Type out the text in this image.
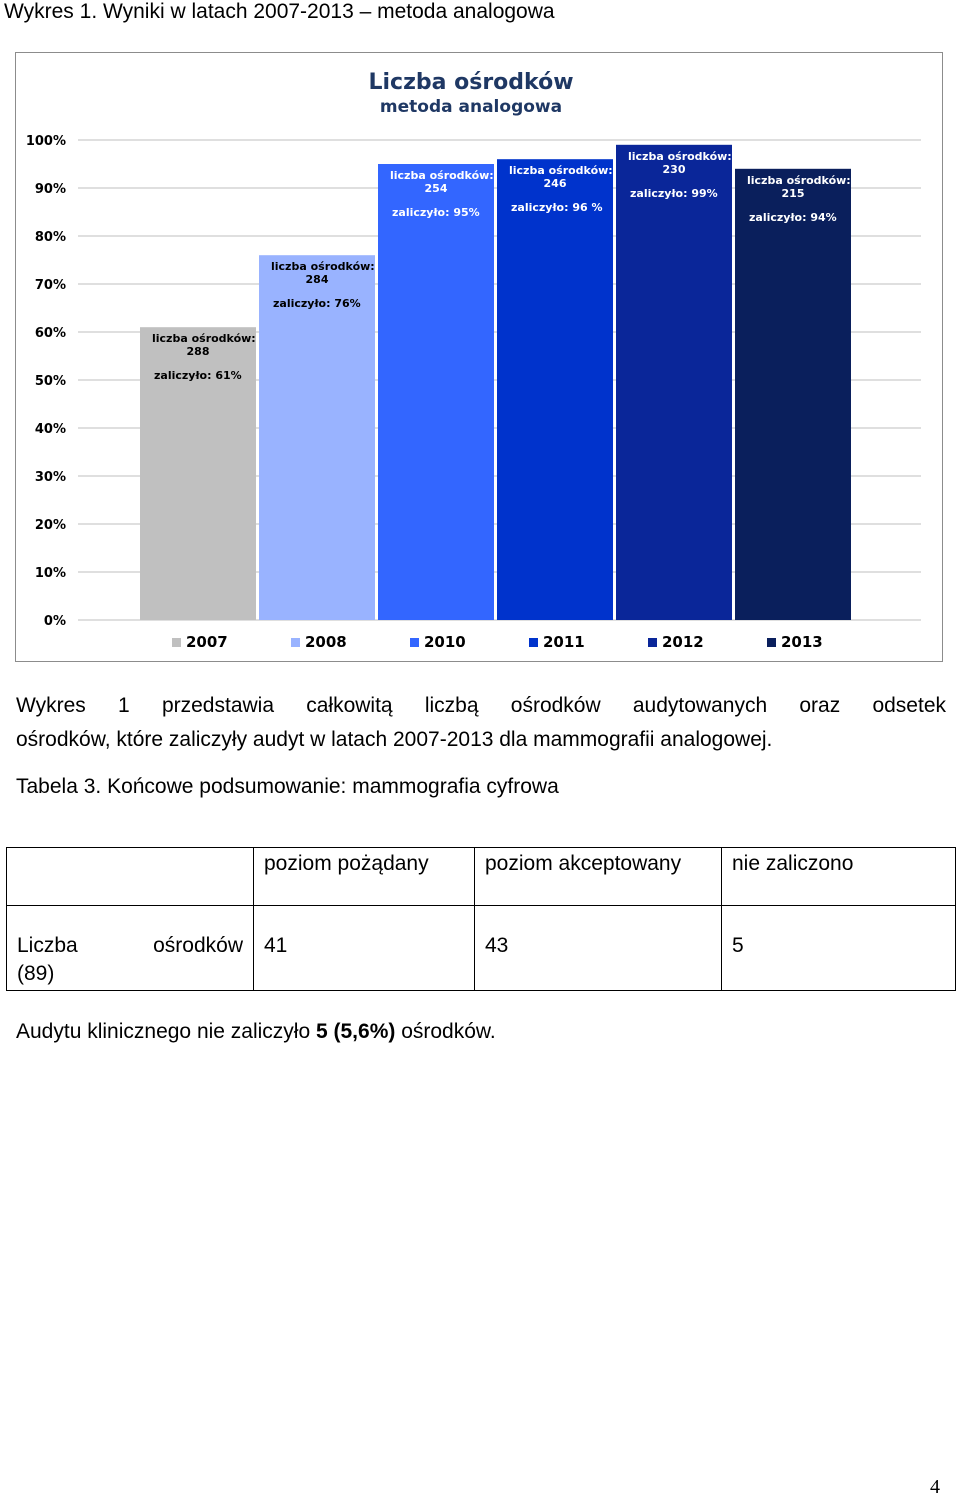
Wykres 1. Wyniki w latach 2007-2013 – metoda analogowa
Liczba ośrodków
metoda analogowa
0%
10%
20%
30%
40%
50%
60%
70%
80%
90%
100%
liczba ośrodków:
288
zaliczyło: 61%
liczba ośrodków:
284
zaliczyło: 76%
liczba ośrodków:
254
zaliczyło: 95%
liczba ośrodków:
246
zaliczyło: 96 %
liczba ośrodków:
230
zaliczyło: 99%
liczba ośrodków:
215
zaliczyło: 94%
2007	2008	2010	2011	2012	2013
Wykres 1 przedstawia całkowitą liczbą ośrodków audytowanych oraz odsetek
ośrodków, które zaliczyły audyt w latach 2007-2013 dla mammografii analogowej.
Tabela 3. Końcowe podsumowanie: mammografia cyfrowa
	poziom pożądany	poziom akceptowany	nie zaliczono

Liczba ośrodków
(89)	41	43	5
Audytu klinicznego nie zaliczyło 5 (5,6%) ośrodków.
4
